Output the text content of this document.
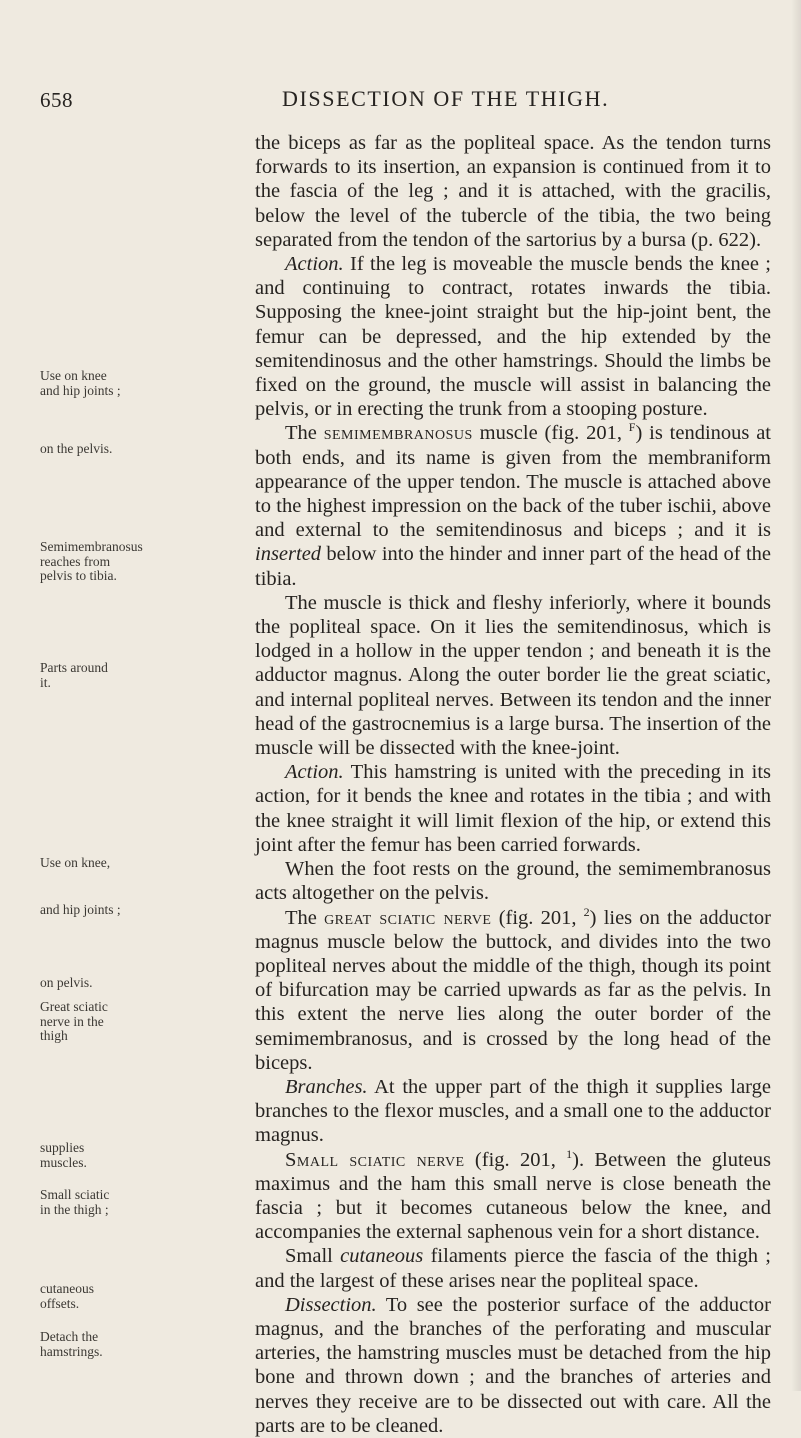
658	DISSECTION OF THE THIGH.
Use on knee and hip joints ;
on the pelvis.
Semimembranosus reaches from pelvis to tibia.
Parts around it.
Use on knee,
and hip joints ;
on pelvis.
Great sciatic nerve in the thigh
supplies muscles.
Small sciatic in the thigh ;
cutaneous offsets.
Detach the hamstrings.

the biceps as far as the popliteal space. As the tendon turns forwards to its insertion, an expansion is continued from it to the fascia of the leg ; and it is attached, with the gracilis, below the level of the tubercle of the tibia, the two being separated from the tendon of the sartorius by a bursa (p. 622).

Action. If the leg is moveable the muscle bends the knee ; and continuing to contract, rotates inwards the tibia. Supposing the knee-joint straight but the hip-joint bent, the femur can be depressed, and the hip extended by the semitendinosus and the other hamstrings. Should the limbs be fixed on the ground, the muscle will assist in balancing the pelvis, or in erecting the trunk from a stooping posture.

The semimembranosus muscle (fig. 201, $^F$) is tendinous at both ends, and its name is given from the membraniform appearance of the upper tendon. The muscle is attached above to the highest impression on the back of the tuber ischii, above and external to the semitendinosus and biceps ; and it is inserted below into the hinder and inner part of the head of the tibia.

The muscle is thick and fleshy inferiorly, where it bounds the popliteal space. On it lies the semitendinosus, which is lodged in a hollow in the upper tendon ; and beneath it is the adductor magnus. Along the outer border lie the great sciatic, and internal popliteal nerves. Between its tendon and the inner head of the gastrocnemius is a large bursa. The insertion of the muscle will be dissected with the knee-joint.

Action. This hamstring is united with the preceding in its action, for it bends the knee and rotates in the tibia ; and with the knee straight it will limit flexion of the hip, or extend this joint after the femur has been carried forwards.

When the foot rests on the ground, the semimembranosus acts altogether on the pelvis.

The great sciatic nerve (fig. 201, $^2$) lies on the adductor magnus muscle below the buttock, and divides into the two popliteal nerves about the middle of the thigh, though its point of bifurcation may be carried upwards as far as the pelvis. In this extent the nerve lies along the outer border of the semimembranosus, and is crossed by the long head of the biceps.

Branches. At the upper part of the thigh it supplies large branches to the flexor muscles, and a small one to the adductor magnus.

Small sciatic nerve (fig. 201, $^1$). Between the gluteus maximus and the ham this small nerve is close beneath the fascia ; but it becomes cutaneous below the knee, and accompanies the external saphenous vein for a short distance.

Small cutaneous filaments pierce the fascia of the thigh ; and the largest of these arises near the popliteal space.

Dissection. To see the posterior surface of the adductor magnus, and the branches of the perforating and muscular arteries, the hamstring muscles must be detached from the hip bone and thrown down ; and the branches of arteries and nerves they receive are to be dissected out with care. All the parts are to be cleaned.
